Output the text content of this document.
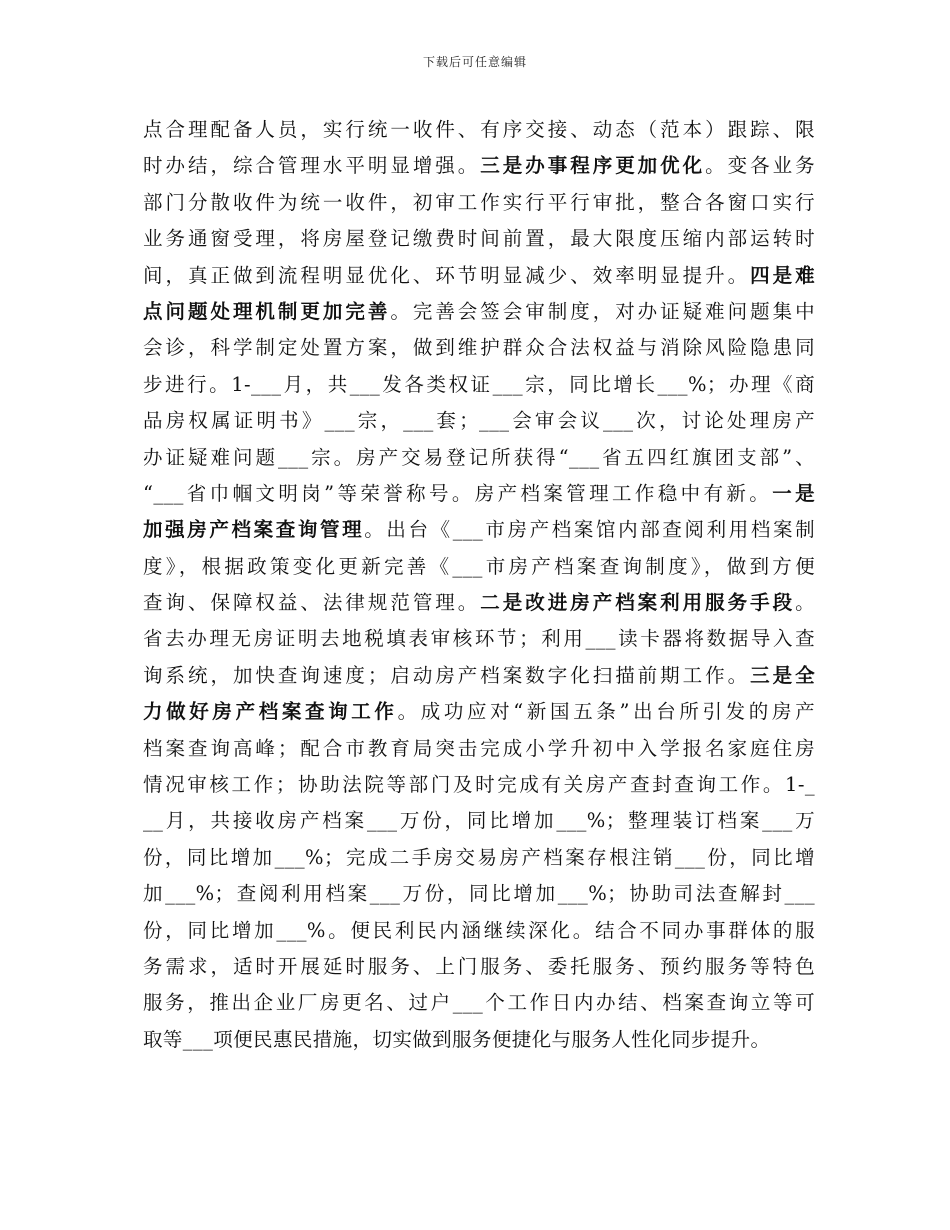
下载后可任意编辑
点合理配备人员，实行统一收件、有序交接、动态（范本）跟踪、限
时办结，综合管理水平明显增强。三是办事程序更加优化。变各业务
部门分散收件为统一收件，初审工作实行平行审批，整合各窗口实行
业务通窗受理，将房屋登记缴费时间前置，最大限度压缩内部运转时
间，真正做到流程明显优化、环节明显减少、效率明显提升。四是难
点问题处理机制更加完善。完善会签会审制度，对办证疑难问题集中
会诊，科学制定处置方案，做到维护群众合法权益与消除风险隐患同
步进行。1-___月，共___发各类权证___宗，同比增长___%；办理《商
品房权属证明书》___宗，___套；___会审会议___次，讨论处理房产
办证疑难问题___宗。房产交易登记所获得“___省五四红旗团支部”、
“___省巾帼文明岗”等荣誉称号。房产档案管理工作稳中有新。一是
加强房产档案查询管理。出台《___市房产档案馆内部查阅利用档案制
度》，根据政策变化更新完善《___市房产档案查询制度》，做到方便
查询、保障权益、法律规范管理。二是改进房产档案利用服务手段。
省去办理无房证明去地税填表审核环节；利用___读卡器将数据导入查
询系统，加快查询速度；启动房产档案数字化扫描前期工作。三是全
力做好房产档案查询工作。成功应对“新国五条”出台所引发的房产
档案查询高峰；配合市教育局突击完成小学升初中入学报名家庭住房
情况审核工作；协助法院等部门及时完成有关房产查封查询工作。1-_
__月，共接收房产档案___万份，同比增加___%；整理装订档案___万
份，同比增加___%；完成二手房交易房产档案存根注销___份，同比增
加___%；查阅利用档案___万份，同比增加___%；协助司法查解封___
份，同比增加___%。便民利民内涵继续深化。结合不同办事群体的服
务需求，适时开展延时服务、上门服务、委托服务、预约服务等特色
服务，推出企业厂房更名、过户___个工作日内办结、档案查询立等可
取等___项便民惠民措施，切实做到服务便捷化与服务人性化同步提升。
